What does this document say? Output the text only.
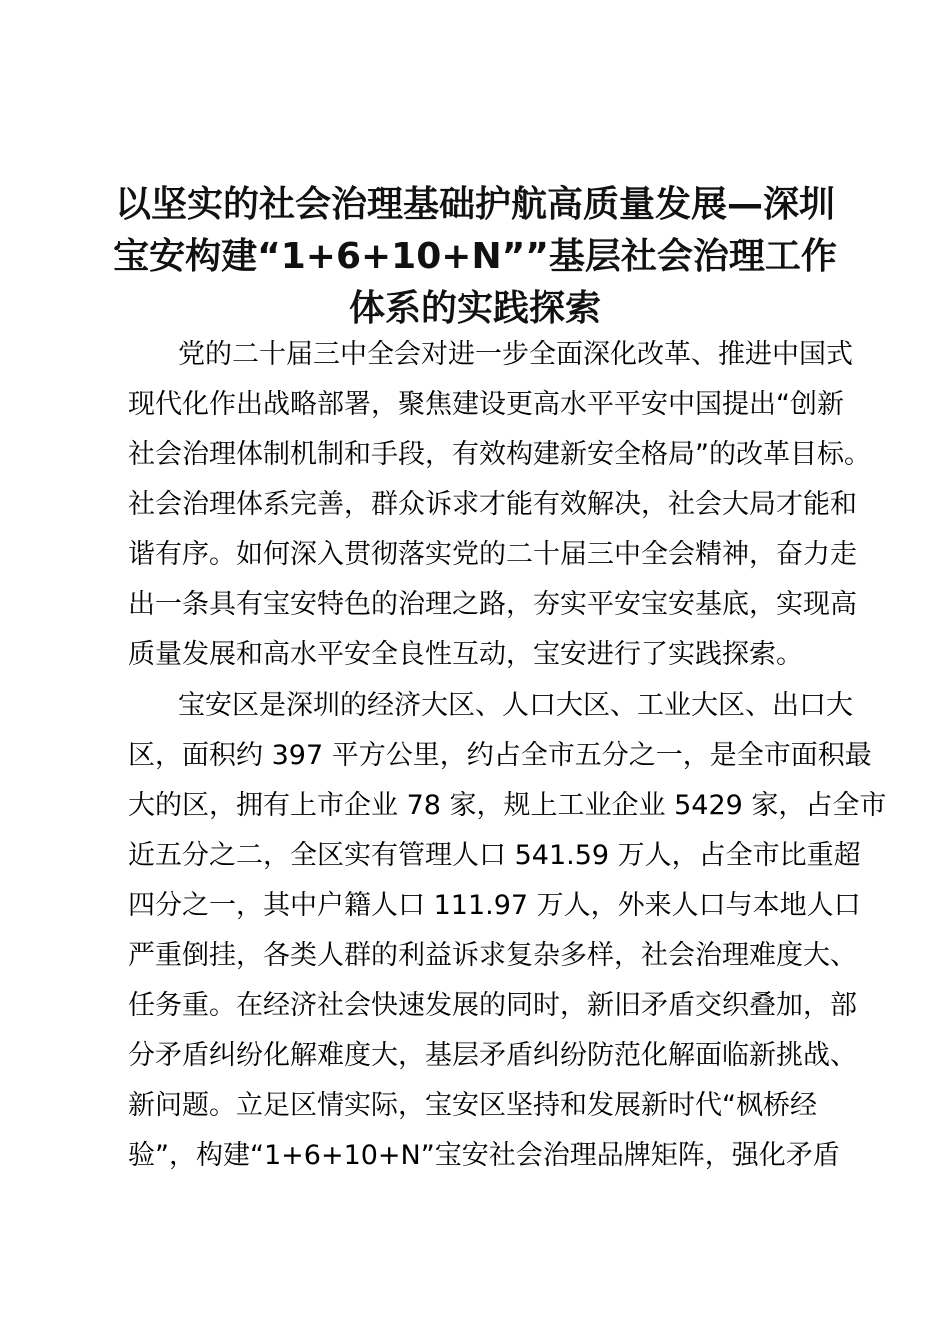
以坚实的社会治理基础护航高质量发展—深圳
宝安构建“1+6+10+N””基层社会治理工作
体系的实践探索
党的二十届三中全会对进一步全面深化改革、推进中国式
现代化作出战略部署，聚焦建设更高水平平安中国提出“创新
社会治理体制机制和手段，有效构建新安全格局”的改革目标。
社会治理体系完善，群众诉求才能有效解决，社会大局才能和
谐有序。如何深入贯彻落实党的二十届三中全会精神，奋力走
出一条具有宝安特色的治理之路，夯实平安宝安基底，实现高
质量发展和高水平安全良性互动，宝安进行了实践探索。
宝安区是深圳的经济大区、人口大区、工业大区、出口大
区，面积约 397 平方公里，约占全市五分之一，是全市面积最
大的区，拥有上市企业 78 家，规上工业企业 5429 家，占全市
近五分之二，全区实有管理人口 541.59 万人，占全市比重超
四分之一，其中户籍人口 111.97 万人，外来人口与本地人口
严重倒挂，各类人群的利益诉求复杂多样，社会治理难度大、
任务重。在经济社会快速发展的同时，新旧矛盾交织叠加，部
分矛盾纠纷化解难度大，基层矛盾纠纷防范化解面临新挑战、
新问题。立足区情实际，宝安区坚持和发展新时代“枫桥经
验”，构建“1+6+10+N”宝安社会治理品牌矩阵，强化矛盾
